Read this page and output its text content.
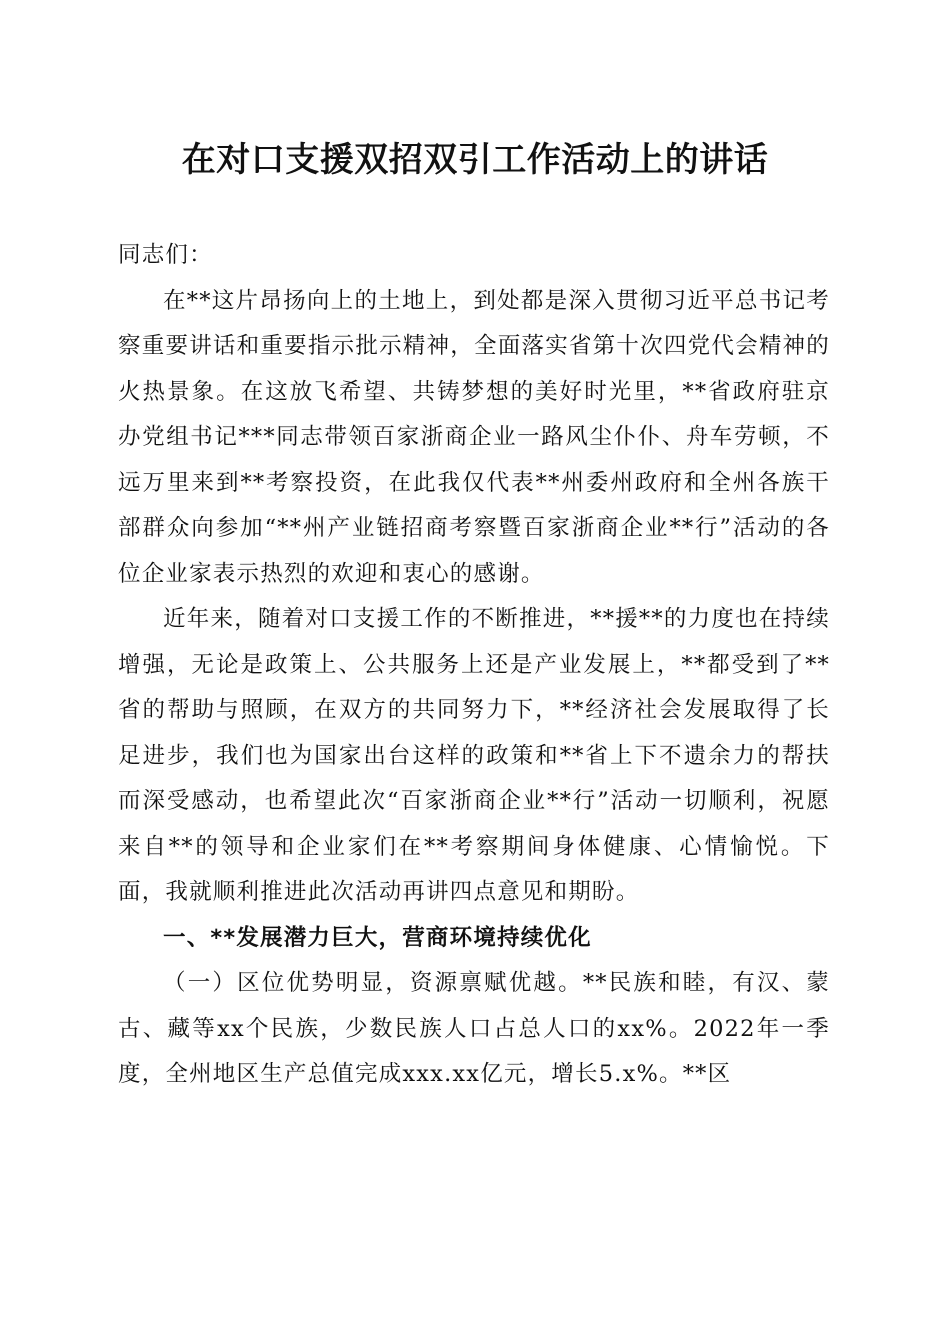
在对口支援双招双引工作活动上的讲话

同志们：

在**这片昂扬向上的土地上，到处都是深入贯彻习近平总书记考察重要讲话和重要指示批示精神，全面落实省第十次四党代会精神的火热景象。在这放飞希望、共铸梦想的美好时光里，**省政府驻京办党组书记***同志带领百家浙商企业一路风尘仆仆、舟车劳顿，不远万里来到**考察投资，在此我仅代表**州委州政府和全州各族干部群众向参加“**州产业链招商考察暨百家浙商企业**行”活动的各位企业家表示热烈的欢迎和衷心的感谢。

近年来，随着对口支援工作的不断推进，**援**的力度也在持续增强，无论是政策上、公共服务上还是产业发展上，**都受到了**省的帮助与照顾，在双方的共同努力下，**经济社会发展取得了长足进步，我们也为国家出台这样的政策和**省上下不遗余力的帮扶而深受感动，也希望此次“百家浙商企业**行”活动一切顺利，祝愿来自**的领导和企业家们在**考察期间身体健康、心情愉悦。下面，我就顺利推进此次活动再讲四点意见和期盼。

一、**发展潜力巨大，营商环境持续优化

（一）区位优势明显，资源禀赋优越。**民族和睦，有汉、蒙古、藏等xx个民族，少数民族人口占总人口的xx%。2022年一季度，全州地区生产总值完成xxx.xx亿元，增长5.x%。**区
